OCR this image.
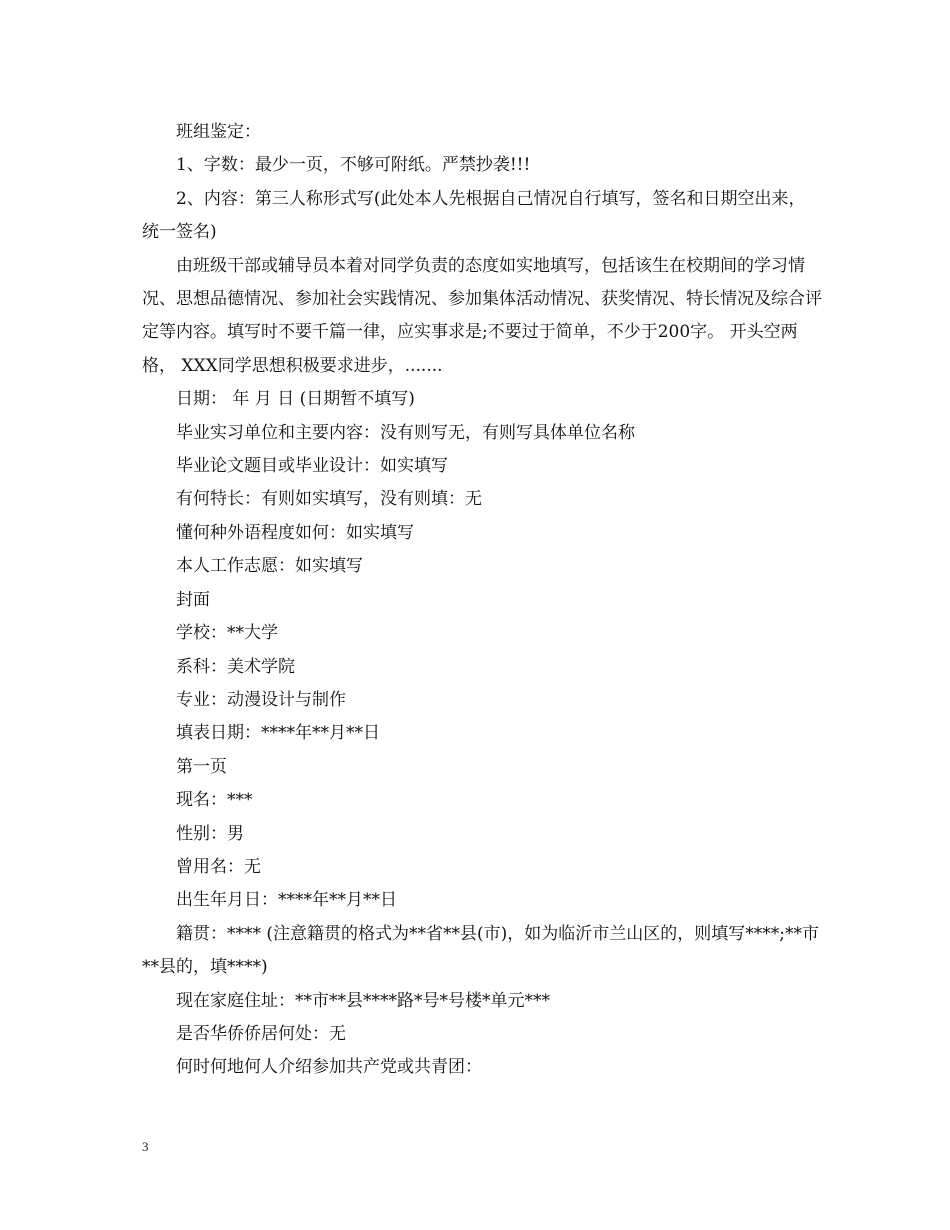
班组鉴定：

1、字数：最少一页，不够可附纸。严禁抄袭!!!

2、内容：第三人称形式写(此处本人先根据自己情况自行填写，签名和日期空出来，统一签名)

由班级干部或辅导员本着对同学负责的态度如实地填写，包括该生在校期间的学习情况、思想品德情况、参加社会实践情况、参加集体活动情况、获奖情况、特长情况及综合评定等内容。填写时不要千篇一律，应实事求是;不要过于简单，不少于200字。 开头空两格， XXX同学思想积极要求进步，.......

日期： 年 月 日 (日期暂不填写)

毕业实习单位和主要内容：没有则写无，有则写具体单位名称

毕业论文题目或毕业设计：如实填写

有何特长：有则如实填写，没有则填：无

懂何种外语程度如何：如实填写

本人工作志愿：如实填写

封面

学校：**大学

系科：美术学院

专业：动漫设计与制作

填表日期：****年**月**日

第一页

现名：***

性别：男

曾用名：无

出生年月日：****年**月**日

籍贯：**** (注意籍贯的格式为**省**县(市)，如为临沂市兰山区的，则填写****;**市**县的，填****)

现在家庭住址：**市**县****路*号*号楼*单元***

是否华侨侨居何处：无

何时何地何人介绍参加共产党或共青团：

3
